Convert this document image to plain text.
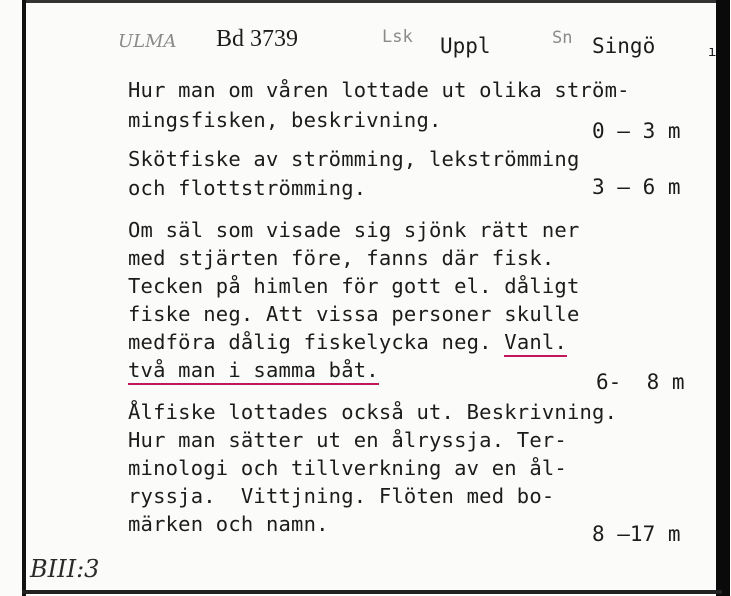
ULMA Bd 3739	Lsk Uppl	Sn Singö	ı
Hur man om våren lottade ut olika ström-
mingsfisken, beskrivning.	0 – 3 m
Skötfiske av strömming, lekströmming
och flottströmming.	3 – 6 m
Om säl som visade sig sjönk rätt ner
med stjärten före, fanns där fisk.
Tecken på himlen för gott el. dåligt
fiske neg. Att vissa personer skulle
medföra dålig fiskelycka neg. Vanl.
två man i samma båt.	6-  8 m
Ålfiske lottades också ut. Beskrivning.
Hur man sätter ut en ålryssja. Ter-
minologi och tillverkning av en ål-
ryssja.  Vittjning. Flöten med bo-
märken och namn.	8 –17 m
BIII:3
